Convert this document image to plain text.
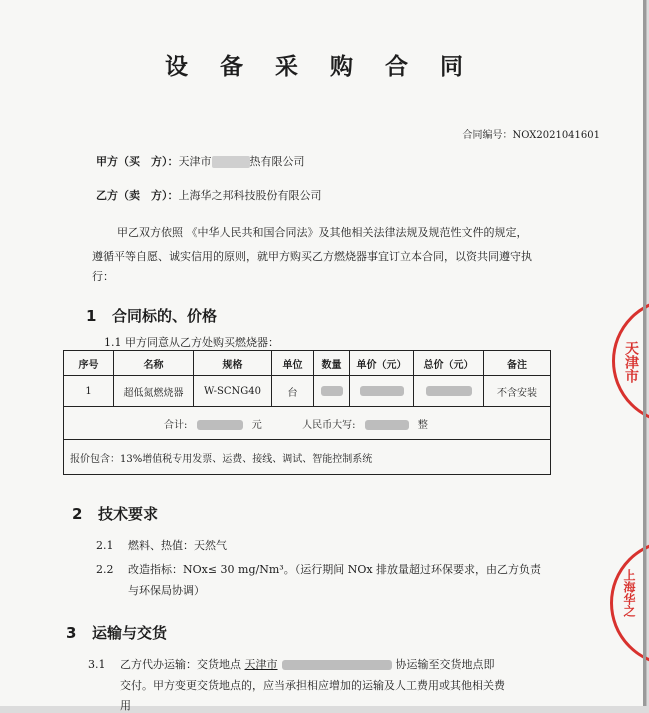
设 备 采 购 合 同
合同编号：NOX2021041601
甲方（买　方）：天津市	热有限公司
乙方（卖　方）：上海华之邦科技股份有限公司
甲乙双方依照 《中华人民共和国合同法》及其他相关法律法规及规范性文件的规定，
遵循平等自愿、诚实信用的原则，就甲方购买乙方燃烧器事宜订立本合同，以资共同遵守执
行：
1 合同标的、价格
1.1 甲方同意从乙方处购买燃烧器：
序号	名称	规格	单位	数量	单价（元）	总价（元）	备注
1	超低氮燃烧器	W-SCNG40	台				不含安装
合计: 元 人民币大写: 整							
报价包含：13%增值税专用发票、运费、接线、调试、智能控制系统							
2 技术要求
2.1 燃料、热值：天然气
2.2 改造指标：NOx≤ 30 mg/Nm³。（运行期间 NOx 排放量超过环保要求，由乙方负责
与环保局协调）
3 运输与交货
3.1 乙方代办运输：交货地点 天津市	协运输至交货地点即
交付。甲方变更交货地点的，应当承担相应增加的运输及人工费用或其他相关费
用
天津市
上海华之
